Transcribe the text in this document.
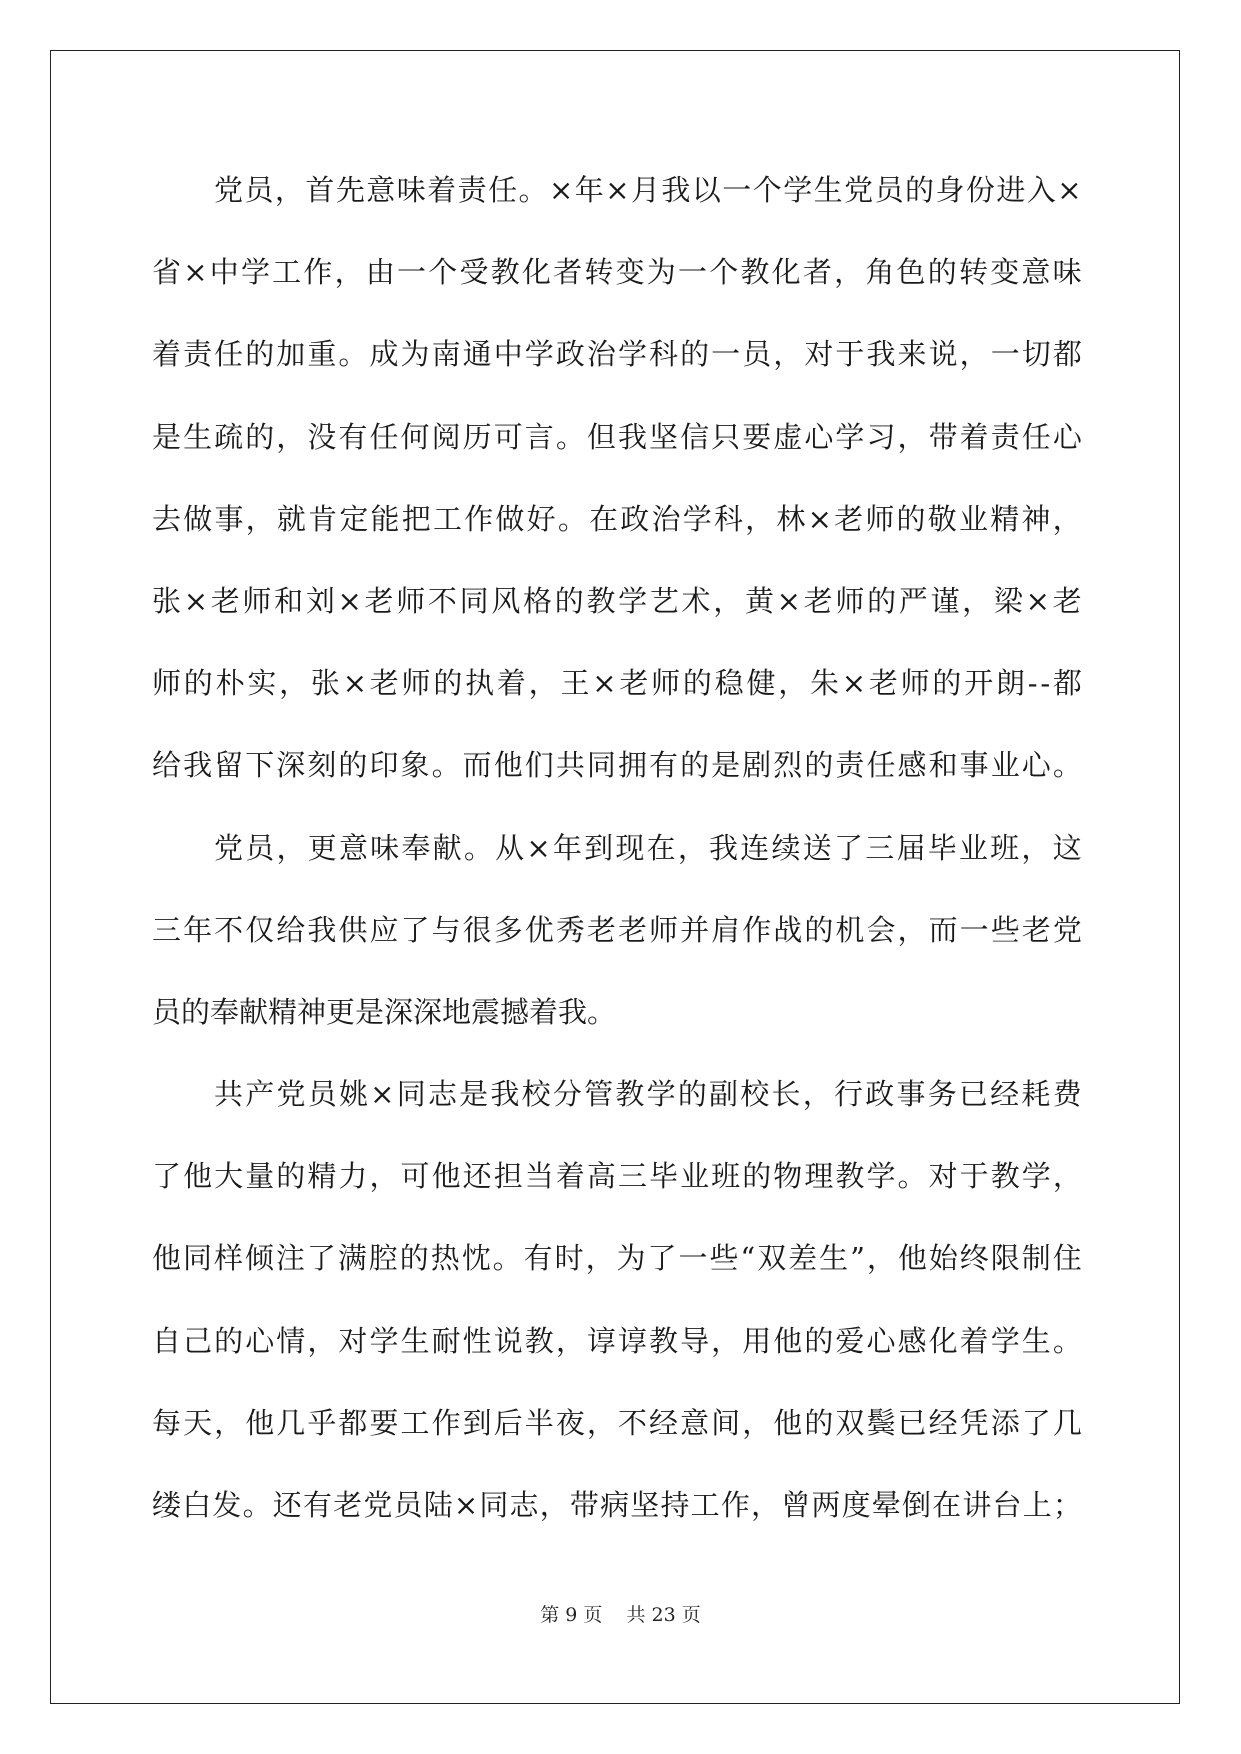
党 员 ， 首 先 意 味 着 责 任 。 × 年 × 月 我 以 一 个 学 生 党 员 的 身 份 进 入 ×
省 × 中 学 工 作 ， 由 一 个 受 教 化 者 转 变 为 一 个 教 化 者 ， 角 色 的 转 变 意 味
着 责 任 的 加 重 。 成 为 南 通 中 学 政 治 学 科 的 一 员 ， 对 于 我 来 说 ， 一 切 都
是 生 疏 的 ， 没 有 任 何 阅 历 可 言 。 但 我 坚 信 只 要 虚 心 学 习 ， 带 着 责 任 心
去 做 事 ， 就 肯 定 能 把 工 作 做 好 。 在 政 治 学 科 ， 林 × 老 师 的 敬 业 精 神 ，
张 × 老 师 和 刘 × 老 师 不 同 风 格 的 教 学 艺 术 ， 黄 × 老 师 的 严 谨 ， 梁 × 老
师 的 朴 实 ， 张 × 老 师 的 执 着 ， 王 × 老 师 的 稳 健 ， 朱 × 老 师 的 开 朗 - - 都
给 我 留 下 深 刻 的 印 象 。 而 他 们 共 同 拥 有 的 是 剧 烈 的 责 任 感 和 事 业 心 。
党 员 ， 更 意 味 奉 献 。 从 × 年 到 现 在 ， 我 连 续 送 了 三 届 毕 业 班 ， 这
三 年 不 仅 给 我 供 应 了 与 很 多 优 秀 老 老 师 并 肩 作 战 的 机 会 ， 而 一 些 老 党
员的奉献精神更是深深地震撼着我。
共 产 党 员 姚 × 同 志 是 我 校 分 管 教 学 的 副 校 长 ， 行 政 事 务 已 经 耗 费
了 他 大 量 的 精 力 ， 可 他 还 担 当 着 高 三 毕 业 班 的 物 理 教 学 。 对 于 教 学 ，
他 同 样 倾 注 了 满 腔 的 热 忱 。 有 时 ， 为 了 一 些 “ 双 差 生 ” ， 他 始 终 限 制 住
自 己 的 心 情 ， 对 学 生 耐 性 说 教 ， 谆 谆 教 导 ， 用 他 的 爱 心 感 化 着 学 生 。
每 天 ， 他 几 乎 都 要 工 作 到 后 半 夜 ， 不 经 意 间 ， 他 的 双 鬓 已 经 凭 添 了 几
缕 白 发 。 还 有 老 党 员 陆 × 同 志 ， 带 病 坚 持 工 作 ， 曾 两 度 晕 倒 在 讲 台 上 ；
第 9 页 共 23 页
